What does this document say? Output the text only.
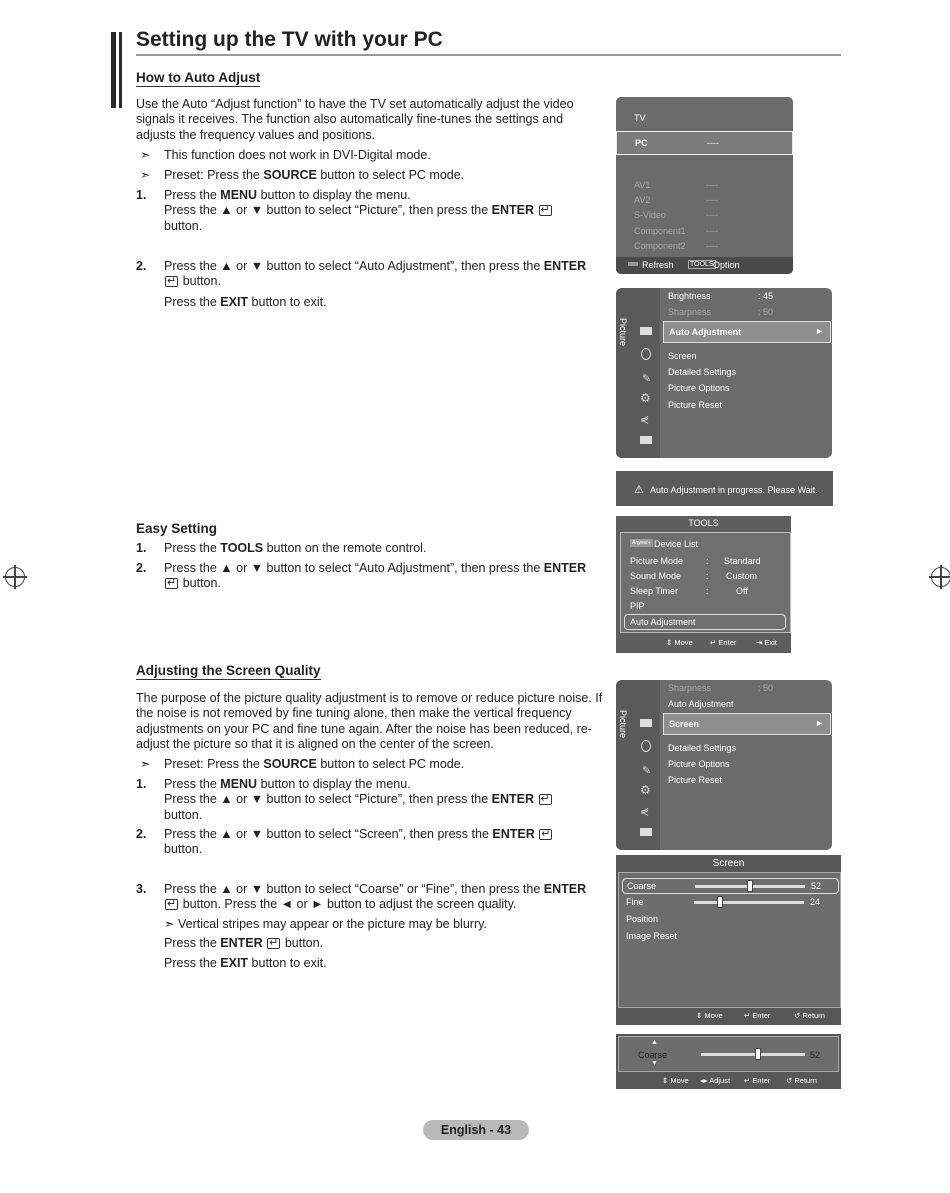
Setting up the TV with your PC
How to Auto Adjust
Use the Auto “Adjust function” to have the TV set automatically adjust the video signals it receives. The function also automatically fine-tunes the settings and adjusts the frequency values and positions.
➣	This function does not work in DVI-Digital mode.
➣	Preset: Press the SOURCE button to select PC mode.
1.	Press the MENU button to display the menu.
Press the ▲ or ▼ button to select “Picture”, then press the ENTER ↵
button.
2.	Press the ▲ or ▼ button to select “Auto Adjustment”, then press the ENTER
↵ button.

Press the EXIT button to exit.
Easy Setting
1.	Press the TOOLS button on the remote control.
2.	Press the ▲ or ▼ button to select “Auto Adjustment”, then press the ENTER
↵ button.
Adjusting the Screen Quality
The purpose of the picture quality adjustment is to remove or reduce picture noise. If the noise is not removed by fine tuning alone, then make the vertical frequency adjustments on your PC and fine tune again. After the noise has been reduced, re-adjust the picture so that it is aligned on the center of the screen.
➣	Preset: Press the SOURCE button to select PC mode.
1.	Press the MENU button to display the menu.
Press the ▲ or ▼ button to select “Picture”, then press the ENTER ↵
button.
2.	Press the ▲ or ▼ button to select “Screen”, then press the ENTER ↵
button.
3.	Press the ▲ or ▼ button to select “Coarse” or “Fine”, then press the ENTER
↵ button. Press the ◄ or ► button to adjust the screen quality.

➣ Vertical stripes may appear or the picture may be blurry.
Press the ENTER ↵ button.
Press the EXIT button to exit.
TV
PC	----
AV1	----
AV2	----
S-Video	----
Component1 ----
Component2 ----
Refresh TOOLS Option
Picture
✎
⚙
⋞
Brightness	: 45
Sharpness	: 50
Auto Adjustment	►
Screen
Detailed Settings
Picture Options
Picture Reset
⚠ Auto Adjustment in progress. Please Wait.
TOOLS
Anynet+ Device List
Picture Mode	: Standard
Sound Mode	: Custom
Sleep Timer	:	Off
PIP
Auto Adjustment
⇕ Move ↵ Enter	⇥ Exit
Picture
✎
⚙
⋞
Sharpness	: 50
Auto Adjustment
Screen	►
Detailed Settings
Picture Options
Picture Reset
Screen
Coarse	52
Fine	24
Position
Image Reset
⇕ Move	↵ Enter	↺ Return
▲
Coarse
▼
52
⇕ Move ◂▸ Adjust ↵ Enter ↺ Return
English - 43
